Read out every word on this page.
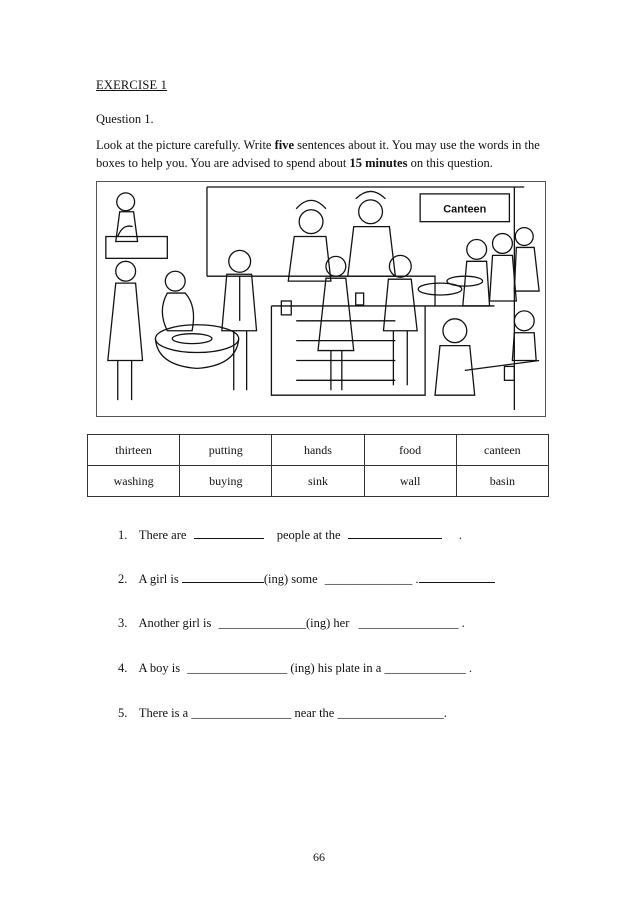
EXERCISE 1
Question 1.
Look at the picture carefully. Write five sentences about it. You may use the words in the boxes to help you. You are advised to spend about 15 minutes on this question.
Canteen
thirteen	putting	hands	food	canteen
washing	buying	sink	wall	basin
1. There are	people at the	.
2. A girl is	(ing) some ______________ .
3. Another girl is ______________(ing) her ________________ .
4. A boy is ________________ (ing) his plate in a _____________ .
5. There is a ________________ near the _________________.
66
